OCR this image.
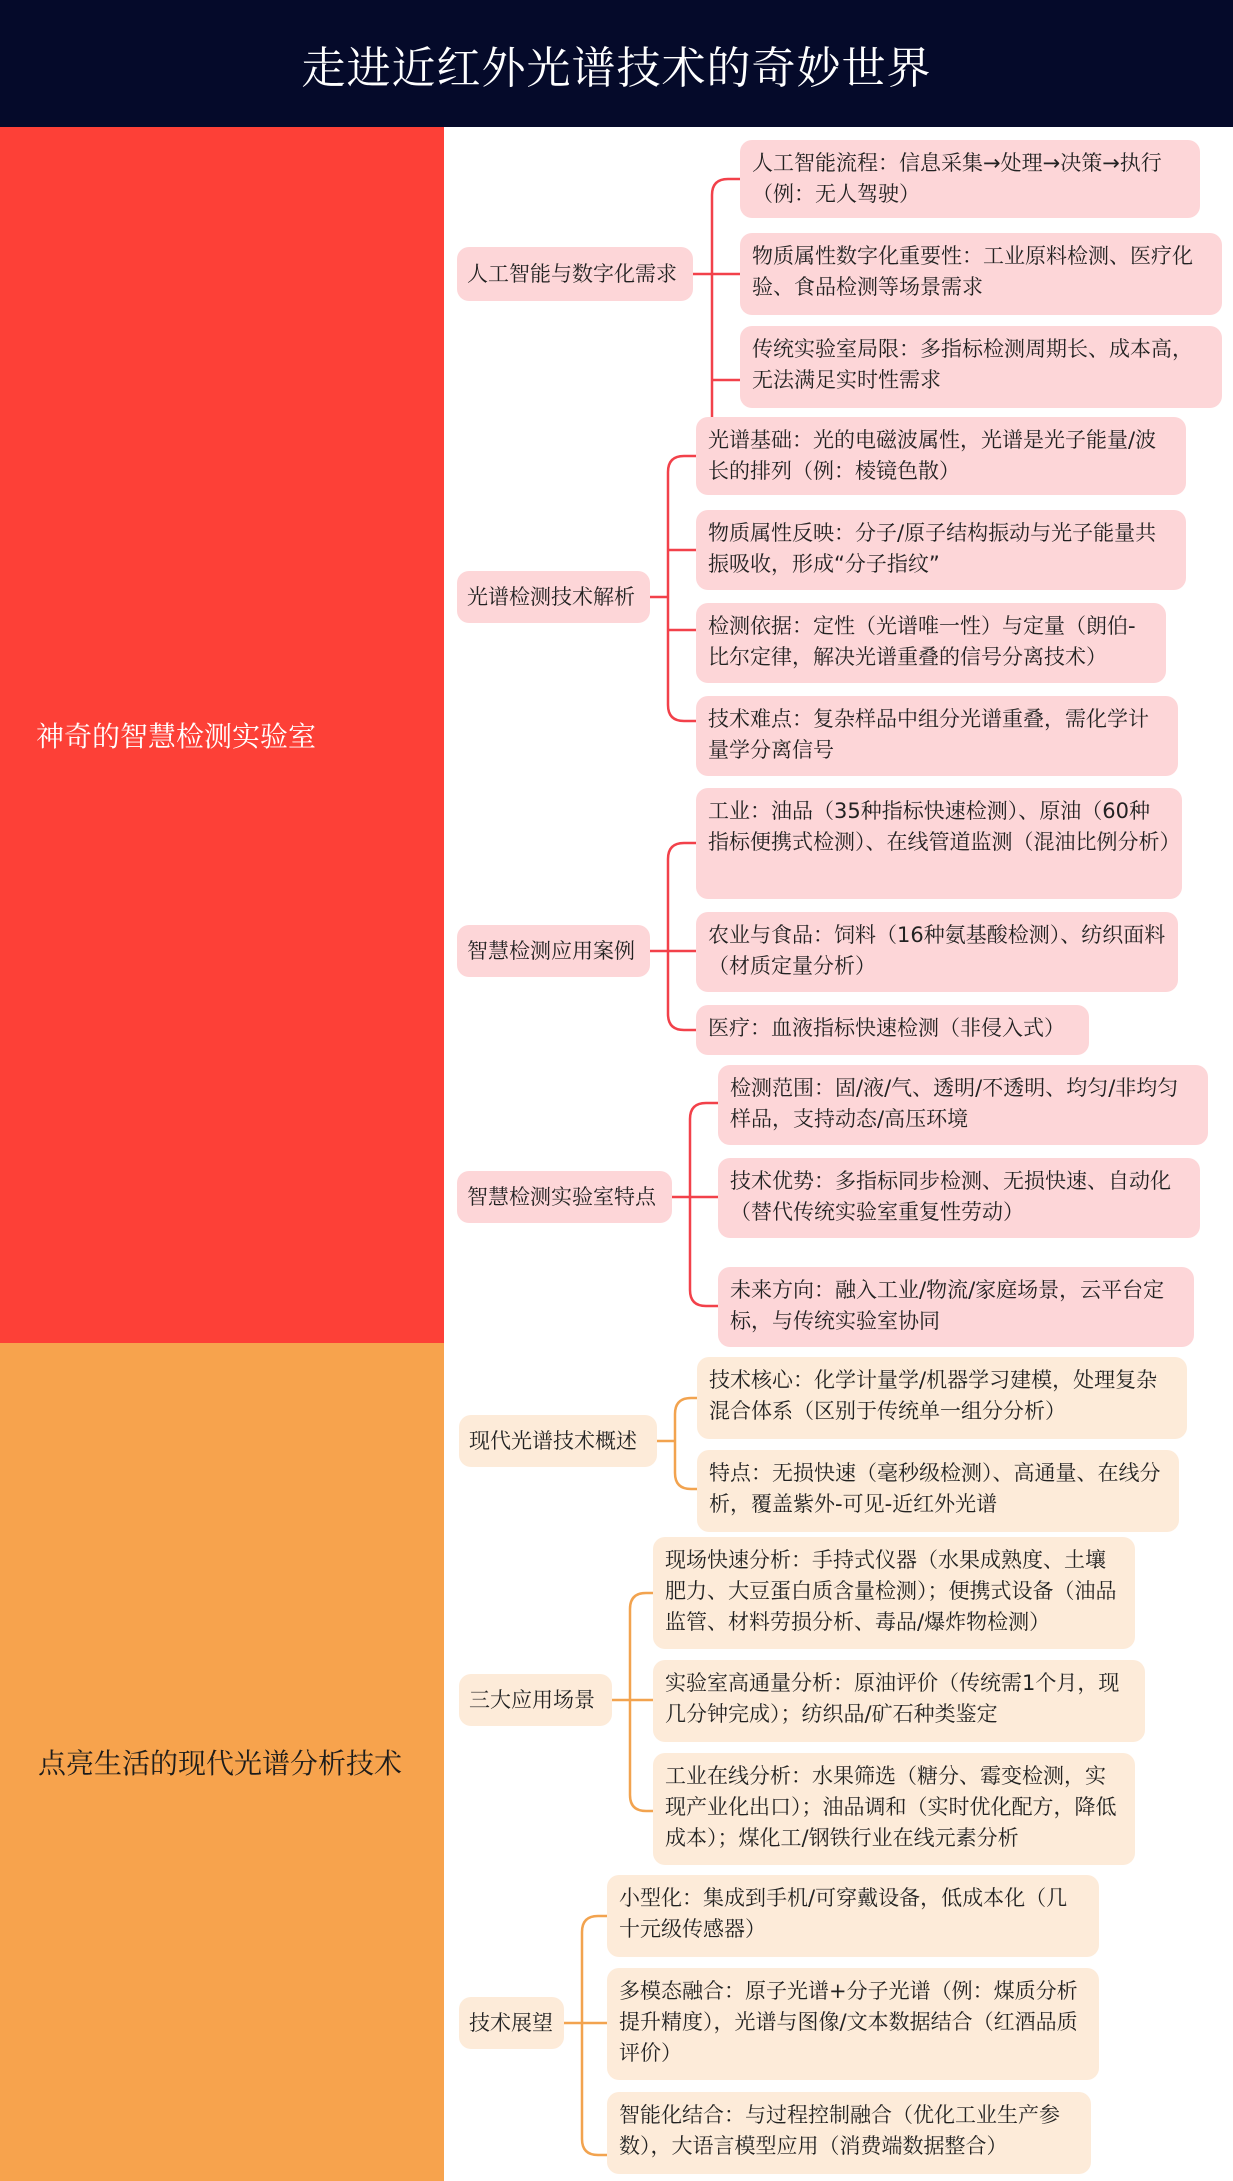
走进近红外光谱技术的奇妙世界
神奇的智慧检测实验室
人工智能与数字化需求
人工智能流程：信息采集→处理→决策→执行（例：无人驾驶）
物质属性数字化重要性：工业原料检测、医疗化验、食品检测等场景需求
传统实验室局限：多指标检测周期长、成本高，无法满足实时性需求
光谱检测技术解析
光谱基础：光的电磁波属性，光谱是光子能量/波长的排列（例：棱镜色散）
物质属性反映：分子/原子结构振动与光子能量共振吸收，形成“分子指纹”
检测依据：定性（光谱唯一性）与定量（朗伯-比尔定律，解决光谱重叠的信号分离技术）
技术难点：复杂样品中组分光谱重叠，需化学计量学分离信号
智慧检测应用案例
工业：油品（35种指标快速检测）、原油（60种指标便携式检测）、在线管道监测（混油比例分析）
农业与食品：饲料（16种氨基酸检测）、纺织面料（材质定量分析）
医疗：血液指标快速检测（非侵入式）
智慧检测实验室特点
检测范围：固/液/气、透明/不透明、均匀/非均匀样品，支持动态/高压环境
技术优势：多指标同步检测、无损快速、自动化（替代传统实验室重复性劳动）
未来方向：融入工业/物流/家庭场景，云平台定标，与传统实验室协同
点亮生活的现代光谱分析技术
现代光谱技术概述
技术核心：化学计量学/机器学习建模，处理复杂混合体系（区别于传统单一组分分析）
特点：无损快速（毫秒级检测）、高通量、在线分析，覆盖紫外-可见-近红外光谱
三大应用场景
现场快速分析：手持式仪器（水果成熟度、土壤肥力、大豆蛋白质含量检测）；便携式设备（油品监管、材料劳损分析、毒品/爆炸物检测）
实验室高通量分析：原油评价（传统需1个月，现几分钟完成）；纺织品/矿石种类鉴定
工业在线分析：水果筛选（糖分、霉变检测，实现产业化出口）；油品调和（实时优化配方，降低成本）；煤化工/钢铁行业在线元素分析
技术展望
小型化：集成到手机/可穿戴设备，低成本化（几十元级传感器）
多模态融合：原子光谱+分子光谱（例：煤质分析提升精度），光谱与图像/文本数据结合（红酒品质评价）
智能化结合：与过程控制融合（优化工业生产参数），大语言模型应用（消费端数据整合）
